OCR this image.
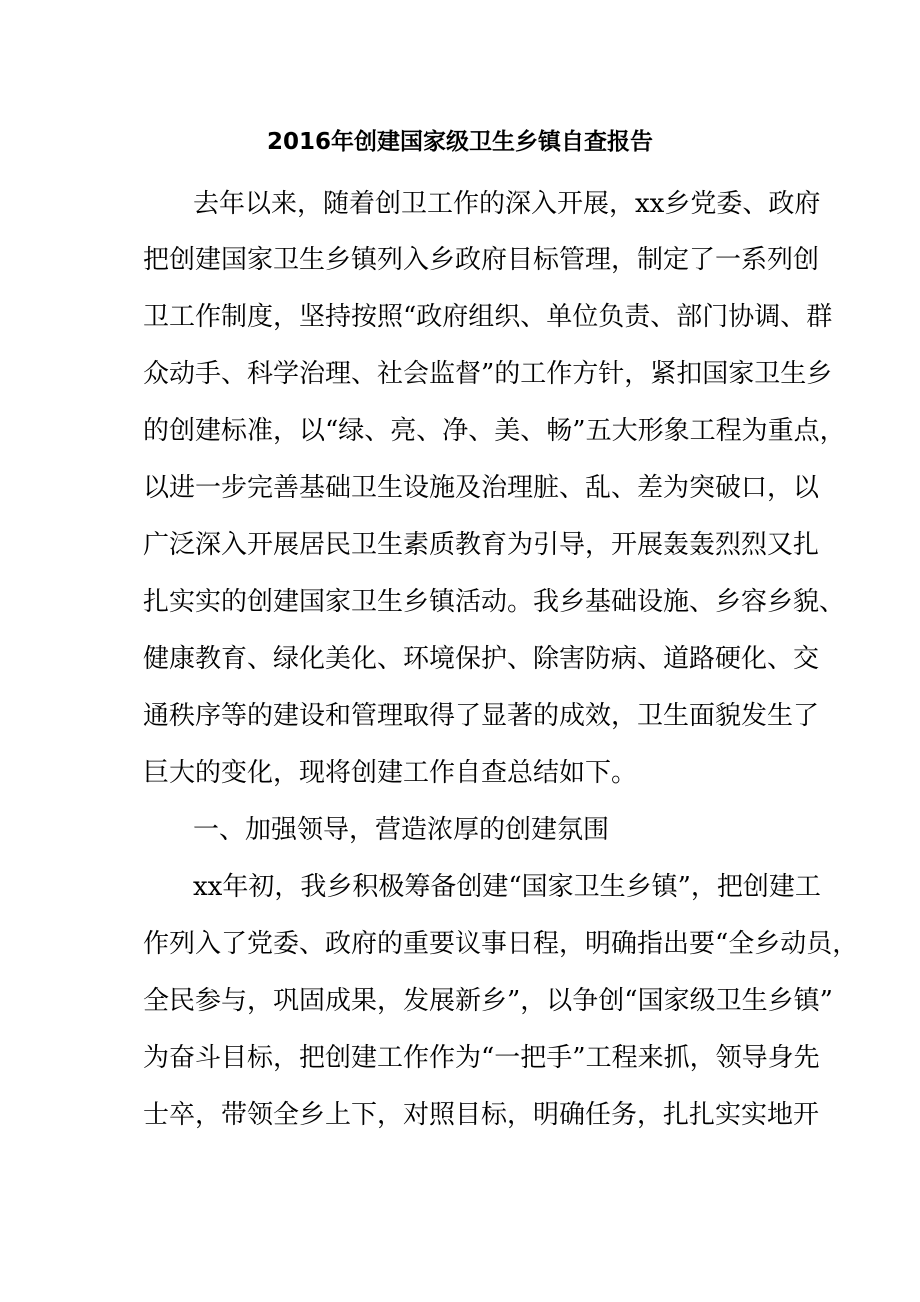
2016年创建国家级卫生乡镇自查报告
去年以来，随着创卫工作的深入开展，xx乡党委、政府
把创建国家卫生乡镇列入乡政府目标管理，制定了一系列创
卫工作制度，坚持按照“政府组织、单位负责、部门协调、群
众动手、科学治理、社会监督”的工作方针，紧扣国家卫生乡
的创建标准，以“绿、亮、净、美、畅”五大形象工程为重点，
以进一步完善基础卫生设施及治理脏、乱、差为突破口，以
广泛深入开展居民卫生素质教育为引导，开展轰轰烈烈又扎
扎实实的创建国家卫生乡镇活动。我乡基础设施、乡容乡貌、
健康教育、绿化美化、环境保护、除害防病、道路硬化、交
通秩序等的建设和管理取得了显著的成效，卫生面貌发生了
巨大的变化，现将创建工作自查总结如下。
一、加强领导，营造浓厚的创建氛围
xx年初，我乡积极筹备创建“国家卫生乡镇”，把创建工
作列入了党委、政府的重要议事日程，明确指出要“全乡动员，
全民参与，巩固成果，发展新乡”，以争创“国家级卫生乡镇”
为奋斗目标，把创建工作作为“一把手”工程来抓，领导身先
士卒，带领全乡上下，对照目标，明确任务，扎扎实实地开
